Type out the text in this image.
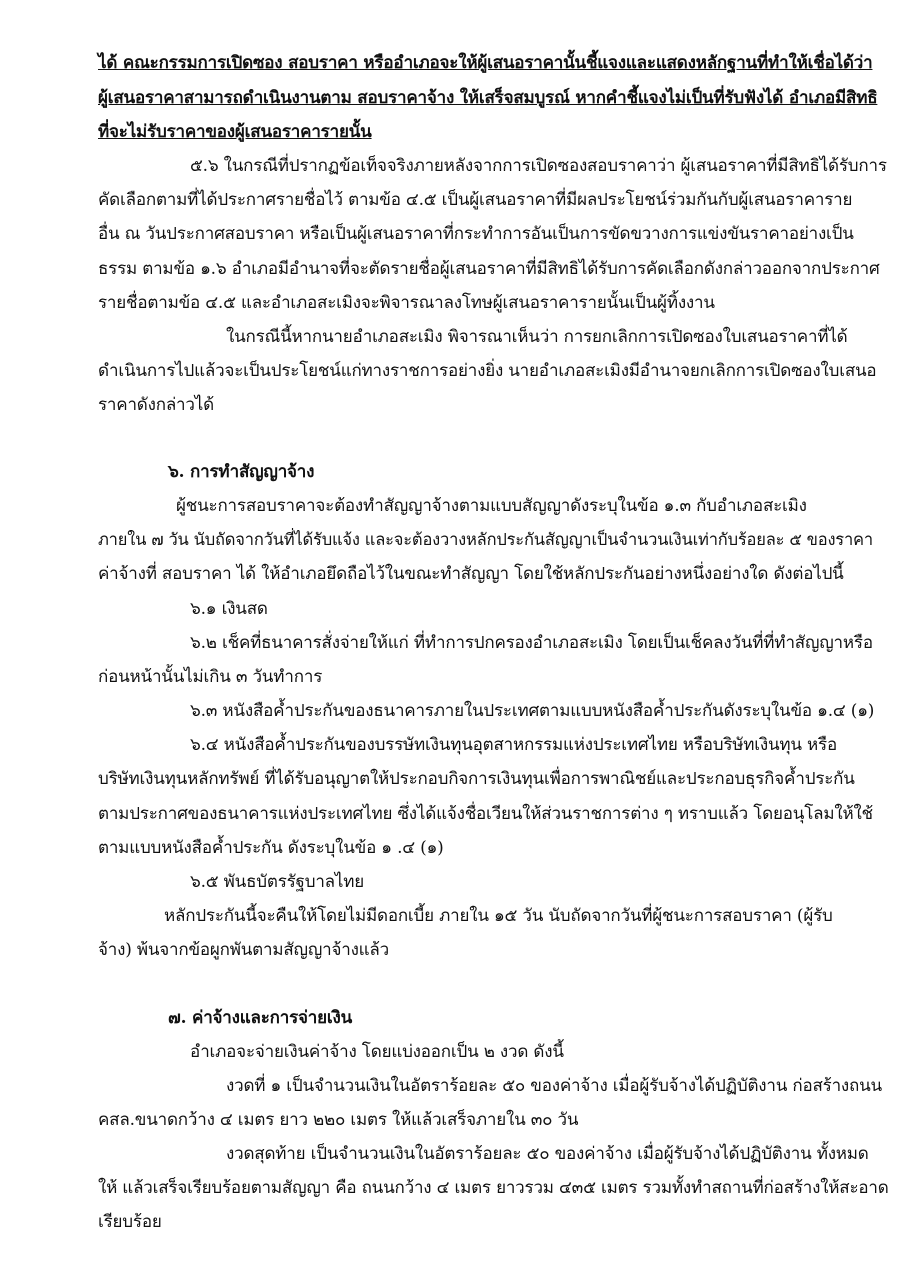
ได้ คณะกรรมการเปิดซอง สอบราคา หรืออำเภอจะให้ผู้เสนอราคานั้นชี้แจงและแสดงหลักฐานที่ทำให้เชื่อได้ว่า
ผู้เสนอราคาสามารถดำเนินงานตาม สอบราคาจ้าง ให้เสร็จสมบูรณ์ หากคำชี้แจงไม่เป็นที่รับฟังได้ อำเภอมีสิทธิ
ที่จะไม่รับราคาของผู้เสนอราคารายนั้น
๕.๖ ในกรณีที่ปรากฏข้อเท็จจริงภายหลังจากการเปิดซองสอบราคาว่า ผู้เสนอราคาที่มีสิทธิได้รับการ
คัดเลือกตามที่ได้ประกาศรายชื่อไว้ ตามข้อ ๔.๕ เป็นผู้เสนอราคาที่มีผลประโยชน์ร่วมกันกับผู้เสนอราคาราย
อื่น ณ วันประกาศสอบราคา หรือเป็นผู้เสนอราคาที่กระทำการอันเป็นการขัดขวางการแข่งขันราคาอย่างเป็น
ธรรม ตามข้อ ๑.๖ อำเภอมีอำนาจที่จะตัดรายชื่อผู้เสนอราคาที่มีสิทธิได้รับการคัดเลือกดังกล่าวออกจากประกาศ
รายชื่อตามข้อ ๔.๕ และอำเภอสะเมิงจะพิจารณาลงโทษผู้เสนอราคารายนั้นเป็นผู้ทิ้งงาน
ในกรณีนี้หากนายอำเภอสะเมิง พิจารณาเห็นว่า การยกเลิกการเปิดซองใบเสนอราคาที่ได้
ดำเนินการไปแล้วจะเป็นประโยชน์แก่ทางราชการอย่างยิ่ง นายอำเภอสะเมิงมีอำนาจยกเลิกการเปิดซองใบเสนอ
ราคาดังกล่าวได้
๖. การทำสัญญาจ้าง
ผู้ชนะการสอบราคาจะต้องทำสัญญาจ้างตามแบบสัญญาดังระบุในข้อ ๑.๓ กับอำเภอสะเมิง
ภายใน ๗ วัน นับถัดจากวันที่ได้รับแจ้ง และจะต้องวางหลักประกันสัญญาเป็นจำนวนเงินเท่ากับร้อยละ ๕ ของราคา
ค่าจ้างที่ สอบราคา ได้ ให้อำเภอยึดถือไว้ในขณะทำสัญญา โดยใช้หลักประกันอย่างหนึ่งอย่างใด ดังต่อไปนี้
๖.๑ เงินสด
๖.๒ เช็คที่ธนาคารสั่งจ่ายให้แก่ ที่ทำการปกครองอำเภอสะเมิง โดยเป็นเช็คลงวันที่ที่ทำสัญญาหรือ
ก่อนหน้านั้นไม่เกิน ๓ วันทำการ
๖.๓ หนังสือค้ำประกันของธนาคารภายในประเทศตามแบบหนังสือค้ำประกันดังระบุในข้อ ๑.๔ (๑)
๖.๔ หนังสือค้ำประกันของบรรษัทเงินทุนอุตสาหกรรมแห่งประเทศไทย หรือบริษัทเงินทุน หรือ
บริษัทเงินทุนหลักทรัพย์ ที่ได้รับอนุญาตให้ประกอบกิจการเงินทุนเพื่อการพาณิชย์และประกอบธุรกิจค้ำประกัน
ตามประกาศของธนาคารแห่งประเทศไทย ซึ่งได้แจ้งชื่อเวียนให้ส่วนราชการต่าง ๆ ทราบแล้ว โดยอนุโลมให้ใช้
ตามแบบหนังสือค้ำประกัน ดังระบุในข้อ ๑ .๔ (๑)
๖.๕ พันธบัตรรัฐบาลไทย
หลักประกันนี้จะคืนให้โดยไม่มีดอกเบี้ย ภายใน ๑๕ วัน นับถัดจากวันที่ผู้ชนะการสอบราคา (ผู้รับ
จ้าง) พ้นจากข้อผูกพันตามสัญญาจ้างแล้ว
๗. ค่าจ้างและการจ่ายเงิน
อำเภอจะจ่ายเงินค่าจ้าง โดยแบ่งออกเป็น ๒ งวด ดังนี้
งวดที่ ๑ เป็นจำนวนเงินในอัตราร้อยละ ๕๐ ของค่าจ้าง เมื่อผู้รับจ้างได้ปฏิบัติงาน ก่อสร้างถนน
คสล.ขนาดกว้าง ๔ เมตร ยาว ๒๒๐ เมตร ให้แล้วเสร็จภายใน ๓๐ วัน
งวดสุดท้าย เป็นจำนวนเงินในอัตราร้อยละ ๕๐ ของค่าจ้าง เมื่อผู้รับจ้างได้ปฏิบัติงาน ทั้งหมด
ให้ แล้วเสร็จเรียบร้อยตามสัญญา คือ ถนนกว้าง ๔ เมตร ยาวรวม ๔๓๕ เมตร รวมทั้งทำสถานที่ก่อสร้างให้สะอาด
เรียบร้อย
